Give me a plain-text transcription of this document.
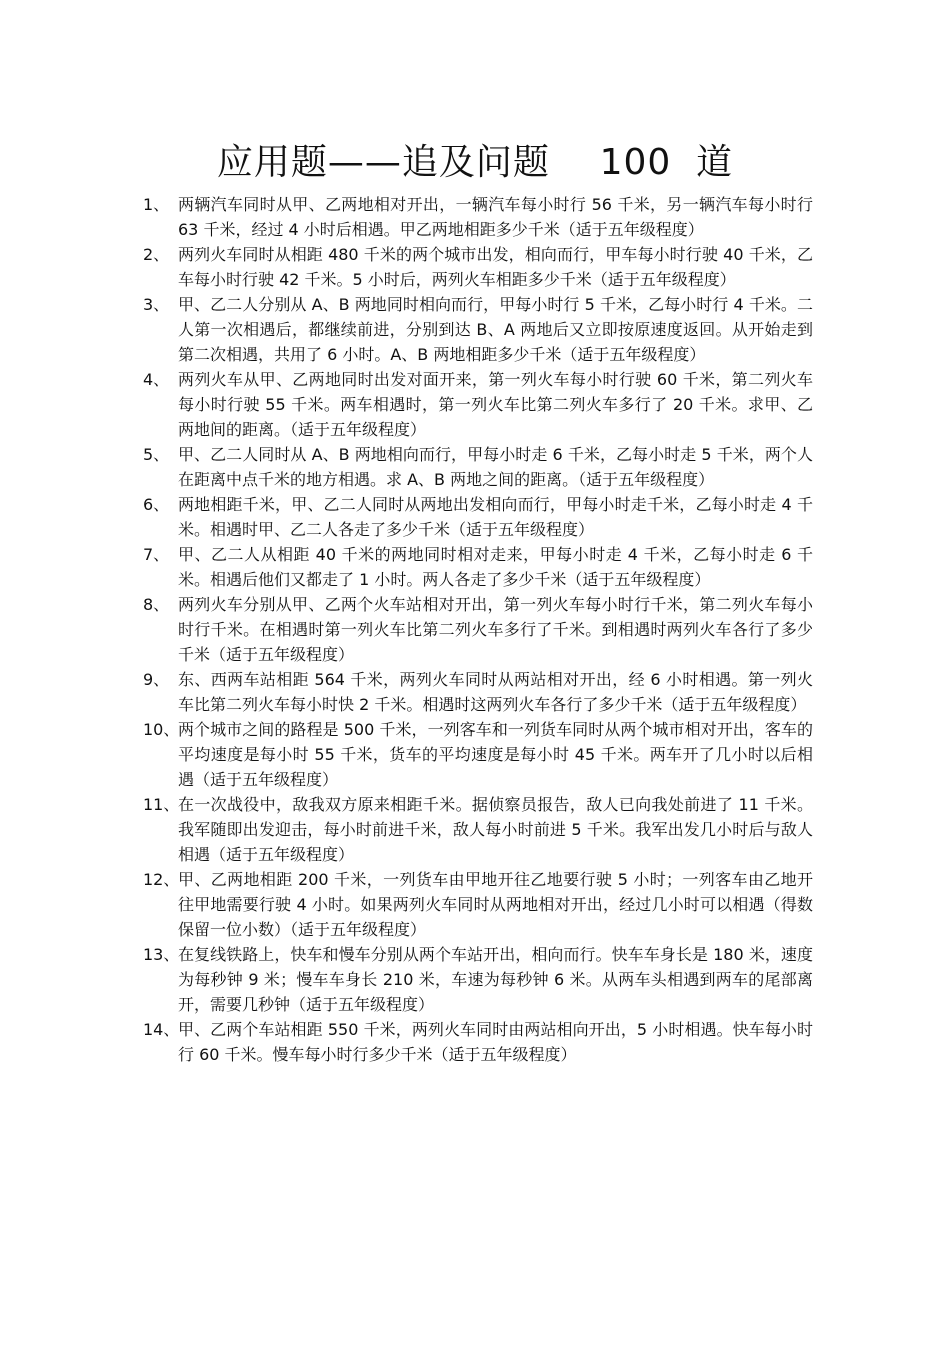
应用题——追及问题    100  道
1、 两辆汽车同时从甲、乙两地相对开出，一辆汽车每小时行 56 千米，另一辆汽车每小时行 63 千米，经过 4 小时后相遇。甲乙两地相距多少千米（适于五年级程度）
2、 两列火车同时从相距 480 千米的两个城市出发，相向而行，甲车每小时行驶 40 千米，乙车每小时行驶 42 千米。5 小时后，两列火车相距多少千米（适于五年级程度）
3、 甲、乙二人分别从 A、B 两地同时相向而行，甲每小时行 5 千米，乙每小时行 4 千米。二人第一次相遇后，都继续前进，分别到达 B、A 两地后又立即按原速度返回。从开始走到第二次相遇，共用了 6 小时。A、B 两地相距多少千米（适于五年级程度）
4、 两列火车从甲、乙两地同时出发对面开来，第一列火车每小时行驶 60 千米，第二列火车每小时行驶 55 千米。两车相遇时，第一列火车比第二列火车多行了 20 千米。求甲、乙两地间的距离。（适于五年级程度）
5、 甲、乙二人同时从 A、B 两地相向而行，甲每小时走 6 千米，乙每小时走 5 千米，两个人在距离中点千米的地方相遇。求 A、B 两地之间的距离。（适于五年级程度）
6、 两地相距千米，甲、乙二人同时从两地出发相向而行，甲每小时走千米，乙每小时走 4 千米。相遇时甲、乙二人各走了多少千米（适于五年级程度）
7、 甲、乙二人从相距 40 千米的两地同时相对走来，甲每小时走 4 千米，乙每小时走 6 千米。相遇后他们又都走了 1 小时。两人各走了多少千米（适于五年级程度）
8、 两列火车分别从甲、乙两个火车站相对开出，第一列火车每小时行千米，第二列火车每小时行千米。在相遇时第一列火车比第二列火车多行了千米。到相遇时两列火车各行了多少千米（适于五年级程度）
9、 东、西两车站相距 564 千米，两列火车同时从两站相对开出，经 6 小时相遇。第一列火车比第二列火车每小时快 2 千米。相遇时这两列火车各行了多少千米（适于五年级程度）
10、
两个城市之间的路程是 500 千米，一列客车和一列货车同时从两个城市相对开出，客车的平均速度是每小时 55 千米，货车的平均速度是每小时 45 千米。两车开了几小时以后相遇（适于五年级程度）
11、
在一次战役中，敌我双方原来相距千米。据侦察员报告，敌人已向我处前进了 11 千米。我军随即出发迎击，每小时前进千米，敌人每小时前进 5 千米。我军出发几小时后与敌人相遇（适于五年级程度）
12、
甲、乙两地相距 200 千米，一列货车由甲地开往乙地要行驶 5 小时；一列客车由乙地开往甲地需要行驶 4 小时。如果两列火车同时从两地相对开出，经过几小时可以相遇（得数保留一位小数）（适于五年级程度）
13、
在复线铁路上，快车和慢车分别从两个车站开出，相向而行。快车车身长是 180 米，速度为每秒钟 9 米；慢车车身长 210 米，车速为每秒钟 6 米。从两车头相遇到两车的尾部离开，需要几秒钟（适于五年级程度）
14、
甲、乙两个车站相距 550 千米，两列火车同时由两站相向开出，5 小时相遇。快车每小时行 60 千米。慢车每小时行多少千米（适于五年级程度）
